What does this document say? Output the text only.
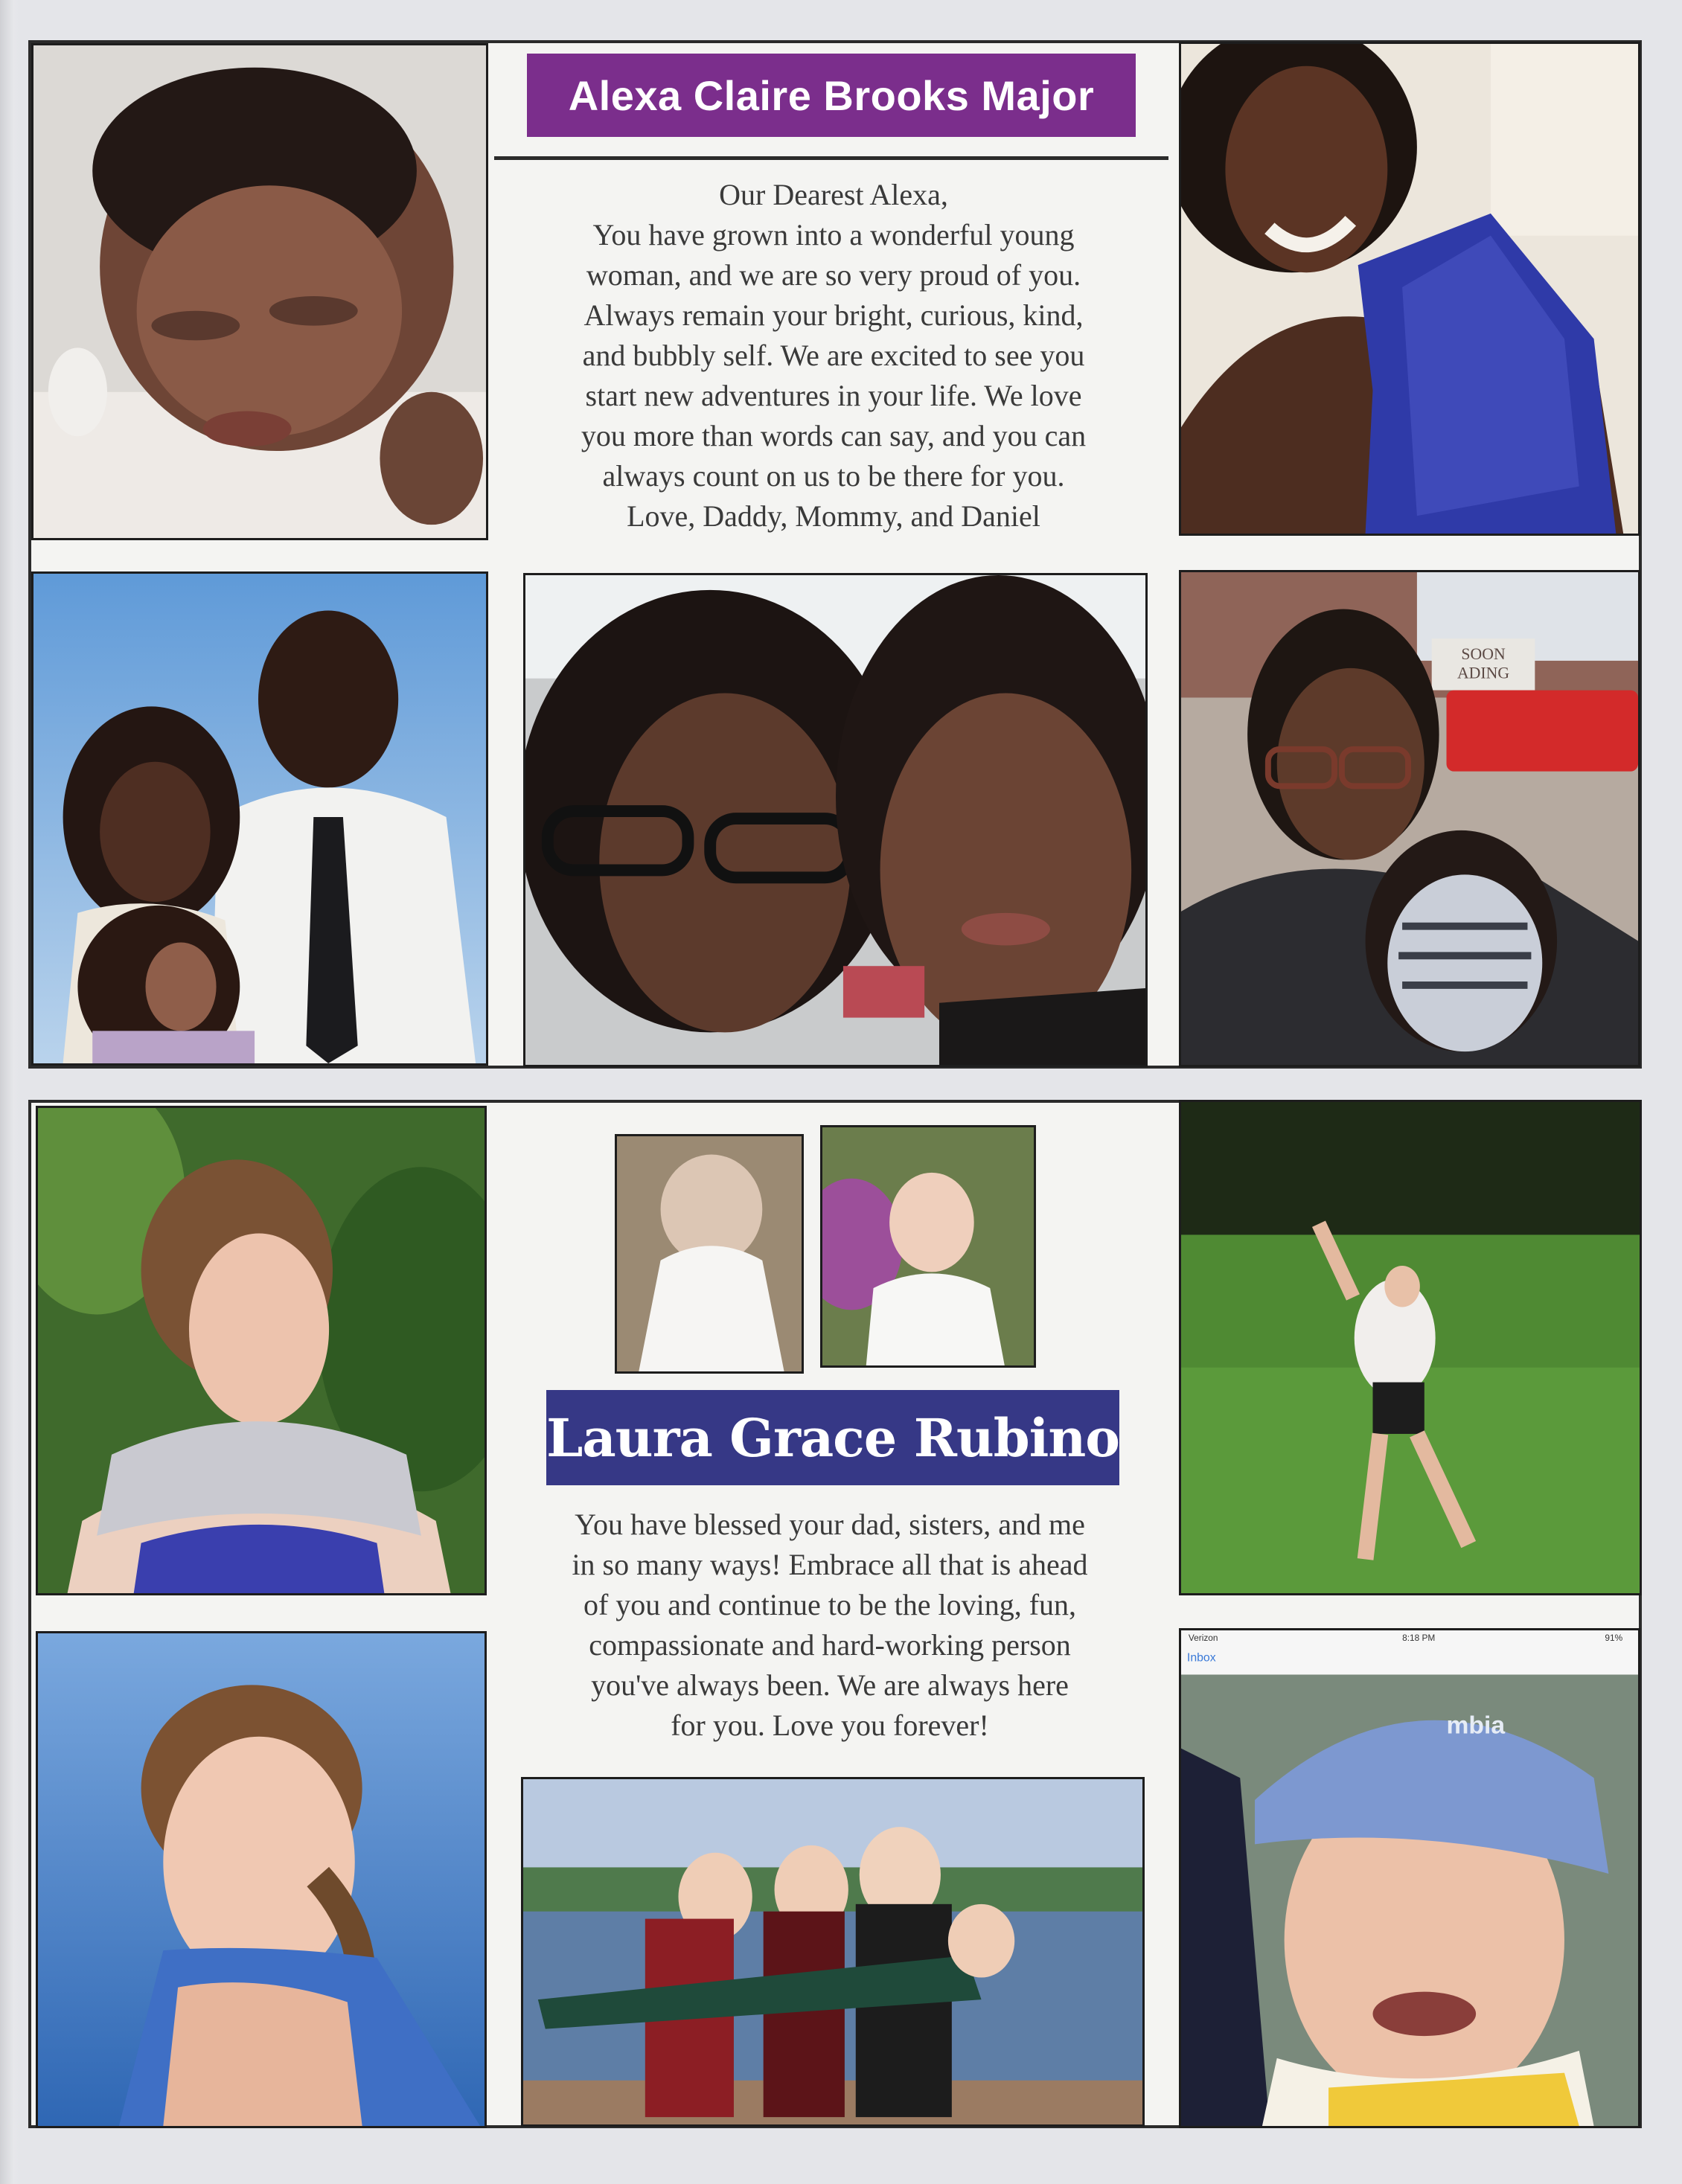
Alexa Claire Brooks Major
Our Dearest Alexa,
You have grown into a wonderful young
woman, and we are so very proud of you.
Always remain your bright, curious, kind,
and bubbly self. We are excited to see you
start new adventures in your life. We love
you more than words can say, and you can
always count on us to be there for you.
Love, Daddy, Mommy, and Daniel
SOON
ADING
Laura Grace Rubino
You have blessed your dad, sisters, and me
in so many ways! Embrace all that is ahead
of you and continue to be the loving, fun,
compassionate and hard-working person
you've always been. We are always here
for you. Love you forever!
Verizon	8:18 PM	91%
Inbox
mbia
